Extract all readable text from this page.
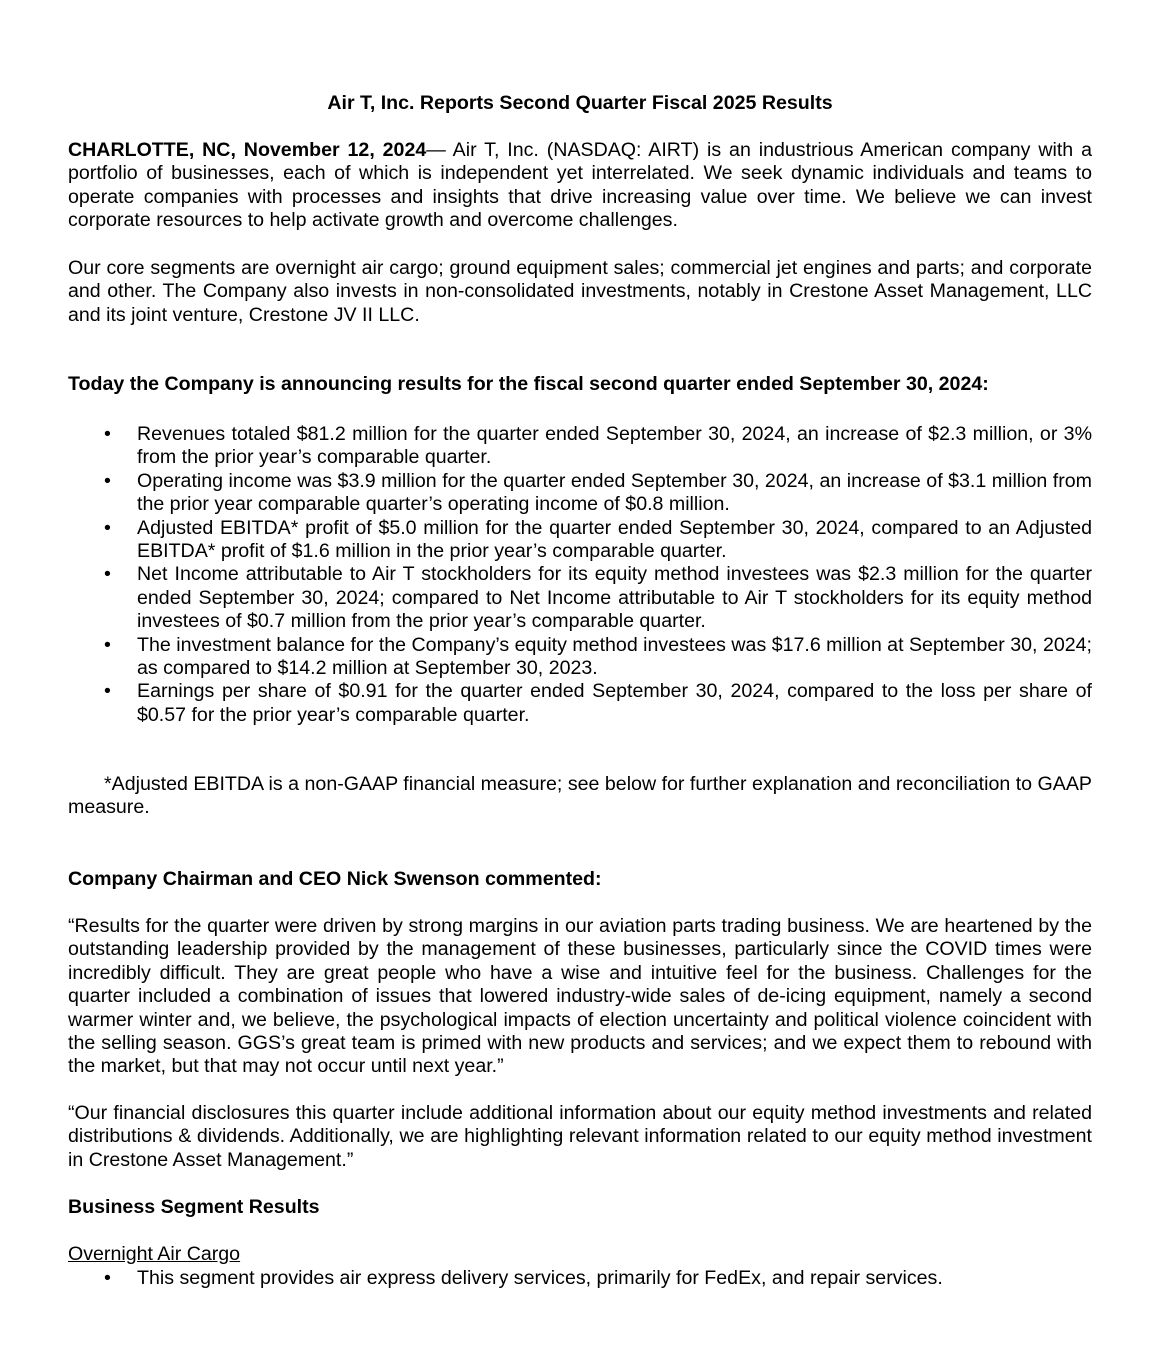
Air T, Inc. Reports Second Quarter Fiscal 2025 Results

CHARLOTTE, NC, November 12, 2024— Air T, Inc. (NASDAQ: AIRT) is an industrious American company with a portfolio of businesses, each of which is independent yet interrelated. We seek dynamic individuals and teams to operate companies with processes and insights that drive increasing value over time. We believe we can invest corporate resources to help activate growth and overcome challenges.

Our core segments are overnight air cargo; ground equipment sales; commercial jet engines and parts; and corporate and other. The Company also invests in non-consolidated investments, notably in Crestone Asset Management, LLC and its joint venture, Crestone JV II LLC.

Today the Company is announcing results for the fiscal second quarter ended September 30, 2024:

• Revenues totaled $81.2 million for the quarter ended September 30, 2024, an increase of $2.3 million, or 3% from the prior year’s comparable quarter.
• Operating income was $3.9 million for the quarter ended September 30, 2024, an increase of $3.1 million from the prior year comparable quarter’s operating income of $0.8 million.
• Adjusted EBITDA* profit of $5.0 million for the quarter ended September 30, 2024, compared to an Adjusted EBITDA* profit of $1.6 million in the prior year’s comparable quarter.
• Net Income attributable to Air T stockholders for its equity method investees was $2.3 million for the quarter ended September 30, 2024; compared to Net Income attributable to Air T stockholders for its equity method investees of $0.7 million from the prior year’s comparable quarter.
• The investment balance for the Company’s equity method investees was $17.6 million at September 30, 2024; as compared to $14.2 million at September 30, 2023.
• Earnings per share of $0.91 for the quarter ended September 30, 2024, compared to the loss per share of $0.57 for the prior year’s comparable quarter.

*Adjusted EBITDA is a non-GAAP financial measure; see below for further explanation and reconciliation to GAAP measure.

Company Chairman and CEO Nick Swenson commented:

“Results for the quarter were driven by strong margins in our aviation parts trading business. We are heartened by the outstanding leadership provided by the management of these businesses, particularly since the COVID times were incredibly difficult. They are great people who have a wise and intuitive feel for the business. Challenges for the quarter included a combination of issues that lowered industry-wide sales of de-icing equipment, namely a second warmer winter and, we believe, the psychological impacts of election uncertainty and political violence coincident with the selling season. GGS’s great team is primed with new products and services; and we expect them to rebound with the market, but that may not occur until next year.”

“Our financial disclosures this quarter include additional information about our equity method investments and related distributions & dividends. Additionally, we are highlighting relevant information related to our equity method investment in Crestone Asset Management.”

Business Segment Results

Overnight Air Cargo

• This segment provides air express delivery services, primarily for FedEx, and repair services.
